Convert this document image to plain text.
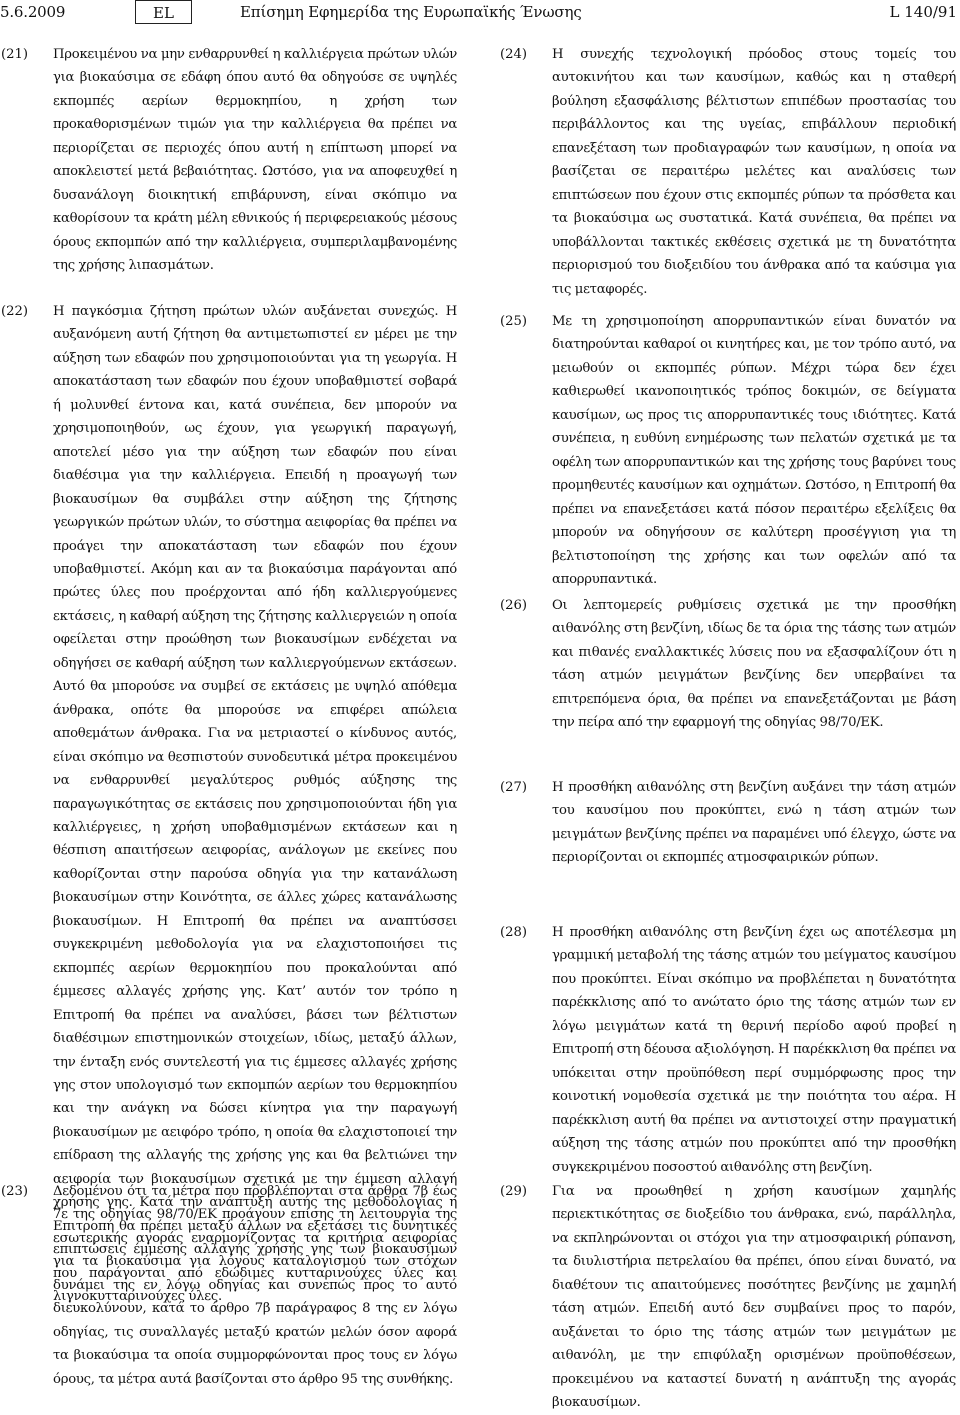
5.6.2009	EL	Επίσημη Εφημερίδα της Ευρωπαϊκής Ένωσης	L 140/91
(21) Προκειμένου να μην ενθαρρυνθεί η καλλιέργεια πρώτων υλών για βιοκαύσιμα σε εδάφη όπου αυτό θα οδηγούσε σε υψηλές εκπομπές αερίων θερμοκηπίου, η χρήση των προκαθορισμένων τιμών για την καλλιέργεια θα πρέπει να περιορίζεται σε περιοχές όπου αυτή η επίπτωση μπορεί να αποκλειστεί μετά βεβαιότητας. Ωστόσο, για να αποφευχθεί η δυσανάλογη διοικητική επιβάρυνση, είναι σκόπιμο να καθορίσουν τα κράτη μέλη εθνικούς ή περιφερειακούς μέσους όρους εκπομπών από την καλλιέργεια, συμπεριλαμβανομένης της χρήσης λιπασμάτων.

(22) Η παγκόσμια ζήτηση πρώτων υλών αυξάνεται συνεχώς. Η αυξανόμενη αυτή ζήτηση θα αντιμετωπιστεί εν μέρει με την αύξηση των εδαφών που χρησιμοποιούνται για τη γεωργία. Η αποκατάσταση των εδαφών που έχουν υποβαθμιστεί σοβαρά ή μολυνθεί έντονα και, κατά συνέπεια, δεν μπορούν να χρησιμοποιηθούν, ως έχουν, για γεωργική παραγωγή, αποτελεί μέσο για την αύξηση των εδαφών που είναι διαθέσιμα για την καλλιέργεια. Επειδή η προαγωγή των βιοκαυσίμων θα συμβάλει στην αύξηση της ζήτησης γεωργικών πρώτων υλών, το σύστημα αειφορίας θα πρέπει να προάγει την αποκατάσταση των εδαφών που έχουν υποβαθμιστεί. Ακόμη και αν τα βιοκαύσιμα παράγονται από πρώτες ύλες που προέρχονται από ήδη καλλιεργούμενες εκτάσεις, η καθαρή αύξηση της ζήτησης καλλιεργειών η οποία οφείλεται στην προώθηση των βιοκαυσίμων ενδέχεται να οδηγήσει σε καθαρή αύξηση των καλλιεργούμενων εκτάσεων. Αυτό θα μπορούσε να συμβεί σε εκτάσεις με υψηλό απόθεμα άνθρακα, οπότε θα μπορούσε να επιφέρει απώλεια αποθεμάτων άνθρακα. Για να μετριαστεί ο κίνδυνος αυτός, είναι σκόπιμο να θεσπιστούν συνοδευτικά μέτρα προκειμένου να ενθαρρυνθεί μεγαλύτερος ρυθμός αύξησης της παραγωγικότητας σε εκτάσεις που χρησιμοποιούνται ήδη για καλλιέργειες, η χρήση υποβαθμισμένων εκτάσεων και η θέσπιση απαιτήσεων αειφορίας, ανάλογων με εκείνες που καθορίζονται στην παρούσα οδηγία για την κατανάλωση βιοκαυσίμων στην Κοινότητα, σε άλλες χώρες κατανάλωσης βιοκαυσίμων. Η Επιτροπή θα πρέπει να αναπτύσσει συγκεκριμένη μεθοδολογία για να ελαχιστοποιήσει τις εκπομπές αερίων θερμοκηπίου που προκαλούνται από έμμεσες αλλαγές χρήσης γης. Κατ’ αυτόν τον τρόπο η Επιτροπή θα πρέπει να αναλύσει, βάσει των βέλτιστων διαθέσιμων επιστημονικών στοιχείων, ιδίως, μεταξύ άλλων, την ένταξη ενός συντελεστή για τις έμμεσες αλλαγές χρήσης γης στον υπολογισμό των εκπομπών αερίων του θερμοκηπίου και την ανάγκη να δώσει κίνητρα για την παραγωγή βιοκαυσίμων με αειφόρο τρόπο, η οποία θα ελαχιστοποιεί την επίδραση της αλλαγής της χρήσης γης και θα βελτιώνει την αειφορία των βιοκαυσίμων σχετικά με την έμμεση αλλαγή χρήσης γης. Κατά την ανάπτυξη αυτής της μεθοδολογίας η Επιτροπή θα πρέπει μεταξύ άλλων να εξετάσει τις δυνητικές επιπτώσεις έμμεσης αλλαγής χρήσης γης των βιοκαυσίμων που παράγονται από εδώδιμες κυτταρινούχες ύλες και λιγνοκυτταρινούχες ύλες.

(23) Δεδομένου ότι τα μέτρα που προβλέπονται στα άρθρα 7β έως 7ε της οδηγίας 98/70/ΕΚ προάγουν επίσης τη λειτουργία της εσωτερικής αγοράς εναρμονίζοντας τα κριτήρια αειφορίας για τα βιοκαύσιμα για λόγους καταλογισμού των στόχων δυνάμει της εν λόγω οδηγίας και συνεπώς προς το αυτό διευκολύνουν, κατά το άρθρο 7β παράγραφος 8 της εν λόγω οδηγίας, τις συναλλαγές μεταξύ κρατών μελών όσον αφορά τα βιοκαύσιμα τα οποία συμμορφώνονται προς τους εν λόγω όρους, τα μέτρα αυτά βασίζονται στο άρθρο 95 της συνθήκης.

(24) Η συνεχής τεχνολογική πρόοδος στους τομείς του αυτοκινήτου και των καυσίμων, καθώς και η σταθερή βούληση εξασφάλισης βέλτιστων επιπέδων προστασίας του περιβάλλοντος και της υγείας, επιβάλλουν περιοδική επανεξέταση των προδιαγραφών των καυσίμων, η οποία να βασίζεται σε περαιτέρω μελέτες και αναλύσεις των επιπτώσεων που έχουν στις εκπομπές ρύπων τα πρόσθετα και τα βιοκαύσιμα ως συστατικά. Κατά συνέπεια, θα πρέπει να υποβάλλονται τακτικές εκθέσεις σχετικά με τη δυνατότητα περιορισμού του διοξειδίου του άνθρακα από τα καύσιμα για τις μεταφορές.

(25) Με τη χρησιμοποίηση απορρυπαντικών είναι δυνατόν να διατηρούνται καθαροί οι κινητήρες και, με τον τρόπο αυτό, να μειωθούν οι εκπομπές ρύπων. Μέχρι τώρα δεν έχει καθιερωθεί ικανοποιητικός τρόπος δοκιμών, σε δείγματα καυσίμων, ως προς τις απορρυπαντικές τους ιδιότητες. Κατά συνέπεια, η ευθύνη ενημέρωσης των πελατών σχετικά με τα οφέλη των απορρυπαντικών και της χρήσης τους βαρύνει τους προμηθευτές καυσίμων και οχημάτων. Ωστόσο, η Επιτροπή θα πρέπει να επανεξετάσει κατά πόσον περαιτέρω εξελίξεις θα μπορούν να οδηγήσουν σε καλύτερη προσέγγιση για τη βελτιστοποίηση της χρήσης και των οφελών από τα απορρυπαντικά.

(26) Οι λεπτομερείς ρυθμίσεις σχετικά με την προσθήκη αιθανόλης στη βενζίνη, ιδίως δε τα όρια της τάσης των ατμών και πιθανές εναλλακτικές λύσεις που να εξασφαλίζουν ότι η τάση ατμών μειγμάτων βενζίνης δεν υπερβαίνει τα επιτρεπόμενα όρια, θα πρέπει να επανεξετάζονται με βάση την πείρα από την εφαρμογή της οδηγίας 98/70/ΕΚ.

(27) Η προσθήκη αιθανόλης στη βενζίνη αυξάνει την τάση ατμών του καυσίμου που προκύπτει, ενώ η τάση ατμών των μειγμάτων βενζίνης πρέπει να παραμένει υπό έλεγχο, ώστε να περιορίζονται οι εκπομπές ατμοσφαιρικών ρύπων.

(28) Η προσθήκη αιθανόλης στη βενζίνη έχει ως αποτέλεσμα μη γραμμική μεταβολή της τάσης ατμών του μείγματος καυσίμου που προκύπτει. Είναι σκόπιμο να προβλέπεται η δυνατότητα παρέκκλισης από το ανώτατο όριο της τάσης ατμών των εν λόγω μειγμάτων κατά τη θερινή περίοδο αφού προβεί η Επιτροπή στη δέουσα αξιολόγηση. Η παρέκκλιση θα πρέπει να υπόκειται στην προϋπόθεση περί συμμόρφωσης προς την κοινοτική νομοθεσία σχετικά με την ποιότητα του αέρα. Η παρέκκλιση αυτή θα πρέπει να αντιστοιχεί στην πραγματική αύξηση της τάσης ατμών που προκύπτει από την προσθήκη συγκεκριμένου ποσοστού αιθανόλης στη βενζίνη.

(29) Για να προωθηθεί η χρήση καυσίμων χαμηλής περιεκτικότητας σε διοξείδιο του άνθρακα, ενώ, παράλληλα, να εκπληρώνονται οι στόχοι για την ατμοσφαιρική ρύπανση, τα διυλιστήρια πετρελαίου θα πρέπει, όπου είναι δυνατό, να διαθέτουν τις απαιτούμενες ποσότητες βενζίνης με χαμηλή τάση ατμών. Επειδή αυτό δεν συμβαίνει προς το παρόν, αυξάνεται το όριο της τάσης ατμών των μειγμάτων με αιθανόλη, με την επιφύλαξη ορισμένων προϋποθέσεων, προκειμένου να καταστεί δυνατή η ανάπτυξη της αγοράς βιοκαυσίμων.
